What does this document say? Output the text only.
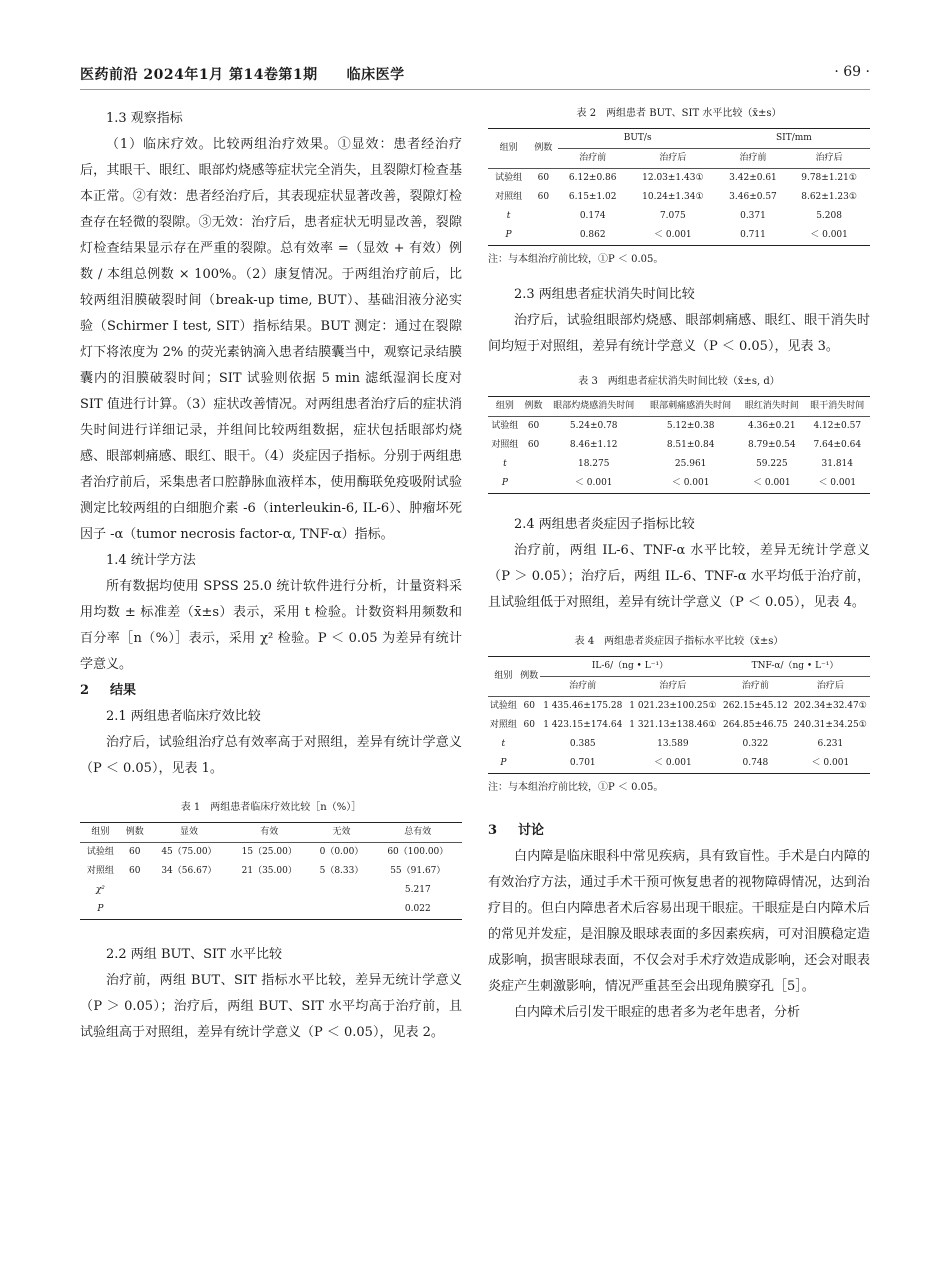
医药前沿 2024年1月 第14卷第1期　　临床医学	· 69 ·
1.3 观察指标

（1）临床疗效。比较两组治疗效果。①显效：患者经治疗后，其眼干、眼红、眼部灼烧感等症状完全消失，且裂隙灯检查基本正常。②有效：患者经治疗后，其表现症状显著改善，裂隙灯检查存在轻微的裂隙。③无效：治疗后，患者症状无明显改善，裂隙灯检查结果显示存在严重的裂隙。总有效率 =（显效 + 有效）例数 / 本组总例数 × 100%。（2）康复情况。于两组治疗前后，比较两组泪膜破裂时间（break-up time, BUT）、基础泪液分泌实验（Schirmer I test, SIT）指标结果。BUT 测定：通过在裂隙灯下将浓度为 2% 的荧光素钠滴入患者结膜囊当中，观察记录结膜囊内的泪膜破裂时间；SIT 试验则依据 5 min 滤纸湿润长度对 SIT 值进行计算。（3）症状改善情况。对两组患者治疗后的症状消失时间进行详细记录，并组间比较两组数据，症状包括眼部灼烧感、眼部刺痛感、眼红、眼干。（4）炎症因子指标。分别于两组患者治疗前后，采集患者口腔静脉血液样本，使用酶联免疫吸附试验测定比较两组的白细胞介素 -6（interleukin-6, IL-6）、肿瘤坏死因子 -α（tumor necrosis factor-α, TNF-α）指标。

1.4 统计学方法

所有数据均使用 SPSS 25.0 统计软件进行分析，计量资料采用均数 ± 标准差（x̄±s）表示，采用 t 检验。计数资料用频数和百分率［n（%）］表示，采用 χ² 检验。P ＜ 0.05 为差异有统计学意义。

2 结果
2.1 两组患者临床疗效比较

治疗后，试验组治疗总有效率高于对照组，差异有统计学意义（P ＜ 0.05），见表 1。

表 1　两组患者临床疗效比较［n（%）］
组别	例数	显效	有效	无效	总有效
试验组	60	45（75.00）	15（25.00）	0（0.00）	60（100.00）
对照组	60	34（56.67）	21（35.00）	5（8.33）	55（91.67）
χ²					5.217
P					0.022
2.2 两组 BUT、SIT 水平比较

治疗前，两组 BUT、SIT 指标水平比较，差异无统计学意义（P ＞ 0.05）；治疗后，两组 BUT、SIT 水平均高于治疗前，且试验组高于对照组，差异有统计学意义（P ＜ 0.05），见表 2。

表 2　两组患者 BUT、SIT 水平比较（x̄±s）
组别	例数	BUT/s		SIT/mm	
		治疗前	治疗后	治疗前	治疗后
试验组	60	6.12±0.86	12.03±1.43①	3.42±0.61	9.78±1.21①
对照组	60	6.15±1.02	10.24±1.34①	3.46±0.57	8.62±1.23①
t		0.174	7.075	0.371	5.208
P		0.862	＜ 0.001	0.711	＜ 0.001
注：与本组治疗前比较，①P ＜ 0.05。
2.3 两组患者症状消失时间比较

治疗后，试验组眼部灼烧感、眼部刺痛感、眼红、眼干消失时间均短于对照组，差异有统计学意义（P ＜ 0.05），见表 3。

表 3　两组患者症状消失时间比较（x̄±s, d）
组别	例数	眼部灼烧感消失时间	眼部刺痛感消失时间	眼红消失时间	眼干消失时间
试验组	60	5.24±0.78	5.12±0.38	4.36±0.21	4.12±0.57
对照组	60	8.46±1.12	8.51±0.84	8.79±0.54	7.64±0.64
t		18.275	25.961	59.225	31.814
P		＜ 0.001	＜ 0.001	＜ 0.001	＜ 0.001
2.4 两组患者炎症因子指标比较

治疗前，两组 IL-6、TNF-α 水平比较，差异无统计学意义（P ＞ 0.05）；治疗后，两组 IL-6、TNF-α 水平均低于治疗前，且试验组低于对照组，差异有统计学意义（P ＜ 0.05），见表 4。

表 4　两组患者炎症因子指标水平比较（x̄±s）
组别	例数	IL-6/（ng • L⁻¹）		TNF-α/（ng • L⁻¹）	
		治疗前	治疗后	治疗前	治疗后
试验组	60	1 435.46±175.28	1 021.23±100.25①	262.15±45.12	202.34±32.47①
对照组	60	1 423.15±174.64	1 321.13±138.46①	264.85±46.75	240.31±34.25①
t		0.385	13.589	0.322	6.231
P		0.701	＜ 0.001	0.748	＜ 0.001
注：与本组治疗前比较，①P ＜ 0.05。
3 讨论

白内障是临床眼科中常见疾病，具有致盲性。手术是白内障的有效治疗方法，通过手术干预可恢复患者的视物障碍情况，达到治疗目的。但白内障患者术后容易出现干眼症。干眼症是白内障术后的常见并发症，是泪腺及眼球表面的多因素疾病，可对泪膜稳定造成影响，损害眼球表面，不仅会对手术疗效造成影响，还会对眼表炎症产生刺激影响，情况严重甚至会出现角膜穿孔［5］。

白内障术后引发干眼症的患者多为老年患者，分析
